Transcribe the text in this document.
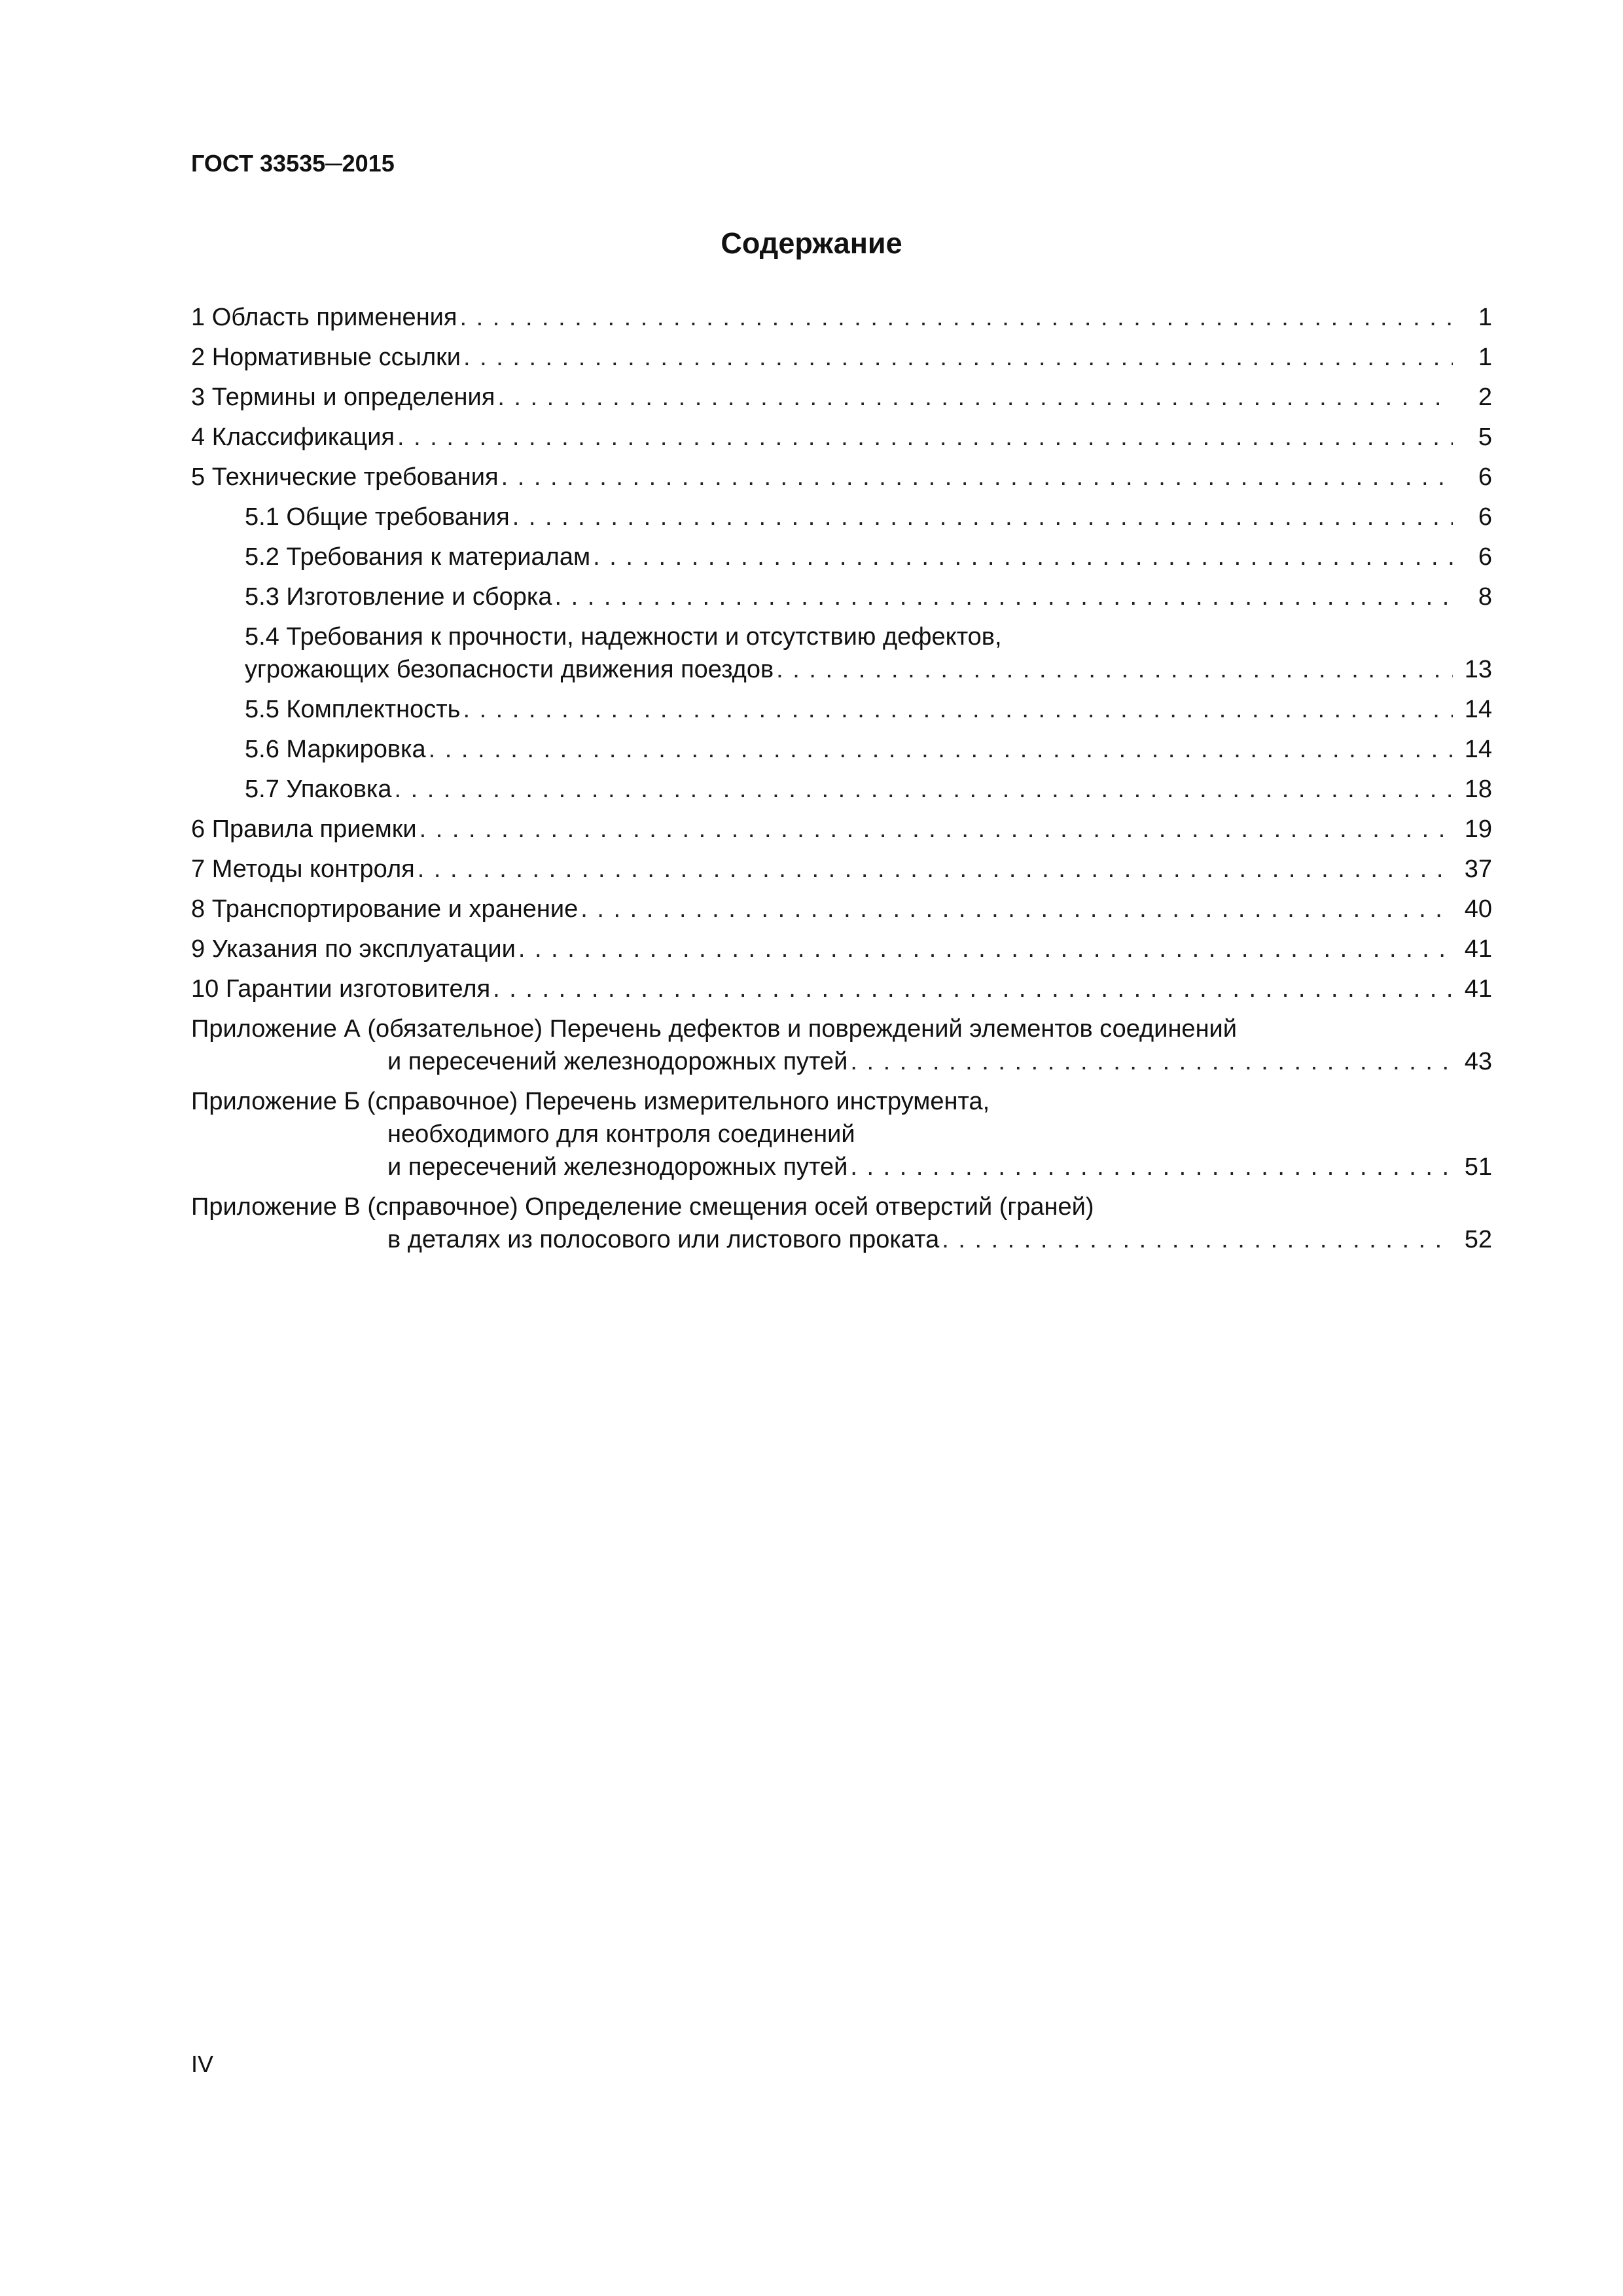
ГОСТ 33535─2015
Содержание
1 Область применения . . .	1
2 Нормативные ссылки . . .	1
3 Термины и определения . . .	2
4 Классификация . . .	5
5 Технические требования . . .	6
5.1 Общие требования . . .	6
5.2 Требования к материалам . . .	6
5.3 Изготовление и сборка . . .	8
5.4 Требования к прочности, надежности и отсутствию дефектов,
угрожающих безопасности движения поездов . . .	13
5.5 Комплектность . . .	14
5.6 Маркировка . . .	14
5.7 Упаковка . . .	18
6 Правила приемки . . .	19
7 Методы контроля . . .	37
8 Транспортирование и хранение . . .	40
9 Указания по эксплуатации . . .	41
10 Гарантии изготовителя . . .	41
Приложение А (обязательное) Перечень дефектов и повреждений элементов соединений
и пересечений железнодорожных путей . . .	43
Приложение Б (справочное) Перечень измерительного инструмента,
необходимого для контроля соединений
и пересечений железнодорожных путей . . .	51
Приложение В (справочное) Определение смещения осей отверстий (граней)
в деталях из полосового или листового проката . . .	52
IV
